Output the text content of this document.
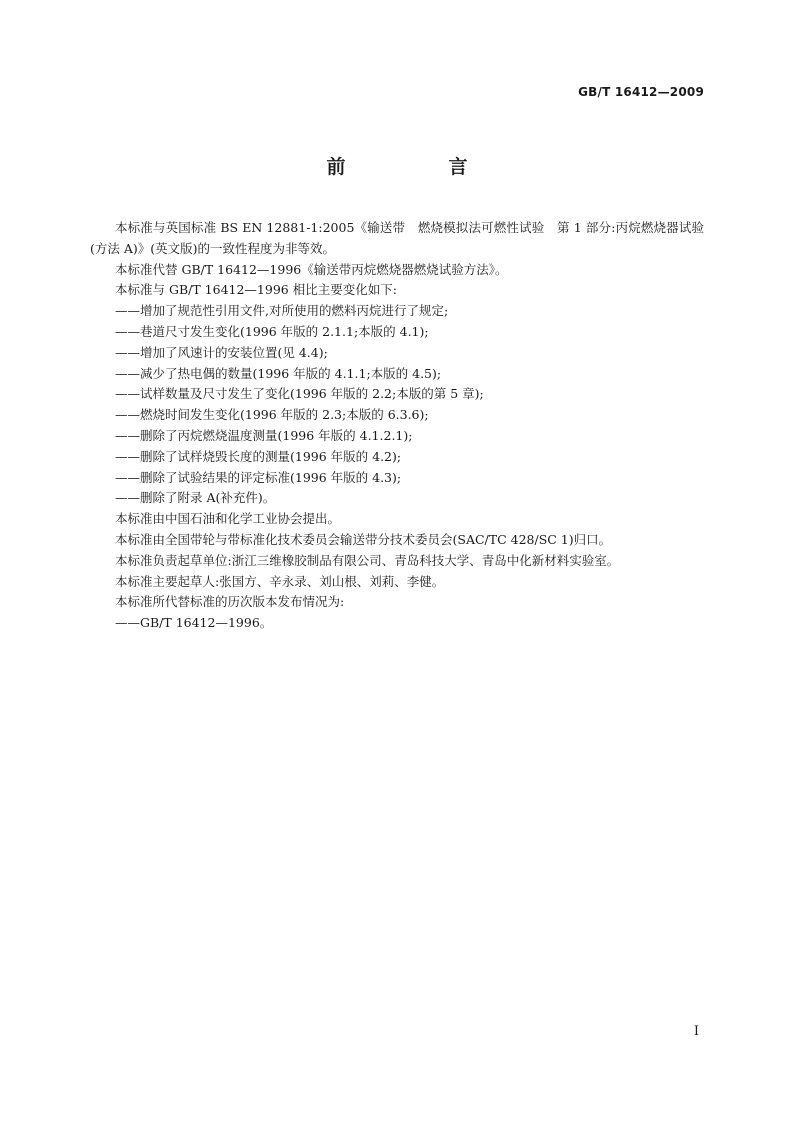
GB/T 16412—2009
前　言

本标准与英国标准 BS EN 12881-1:2005《输送带　燃烧模拟法可燃性试验　第 1 部分:丙烷燃烧器试验(方法 A)》(英文版)的一致性程度为非等效。

本标准代替 GB/T 16412—1996《输送带丙烷燃烧器燃烧试验方法》。

本标准与 GB/T 16412—1996 相比主要变化如下:

——增加了规范性引用文件,对所使用的燃料丙烷进行了规定;

——巷道尺寸发生变化(1996 年版的 2.1.1;本版的 4.1);

——增加了风速计的安装位置(见 4.4);

——减少了热电偶的数量(1996 年版的 4.1.1;本版的 4.5);

——试样数量及尺寸发生了变化(1996 年版的 2.2;本版的第 5 章);

——燃烧时间发生变化(1996 年版的 2.3;本版的 6.3.6);

——删除了丙烷燃烧温度测量(1996 年版的 4.1.2.1);

——删除了试样烧毁长度的测量(1996 年版的 4.2);

——删除了试验结果的评定标准(1996 年版的 4.3);

——删除了附录 A(补充件)。

本标准由中国石油和化学工业协会提出。

本标准由全国带轮与带标准化技术委员会输送带分技术委员会(SAC/TC 428/SC 1)归口。

本标准负责起草单位:浙江三维橡胶制品有限公司、青岛科技大学、青岛中化新材料实验室。

本标准主要起草人:张国方、辛永录、刘山根、刘莉、李健。

本标准所代替标准的历次版本发布情况为:

——GB/T 16412—1996。

I
